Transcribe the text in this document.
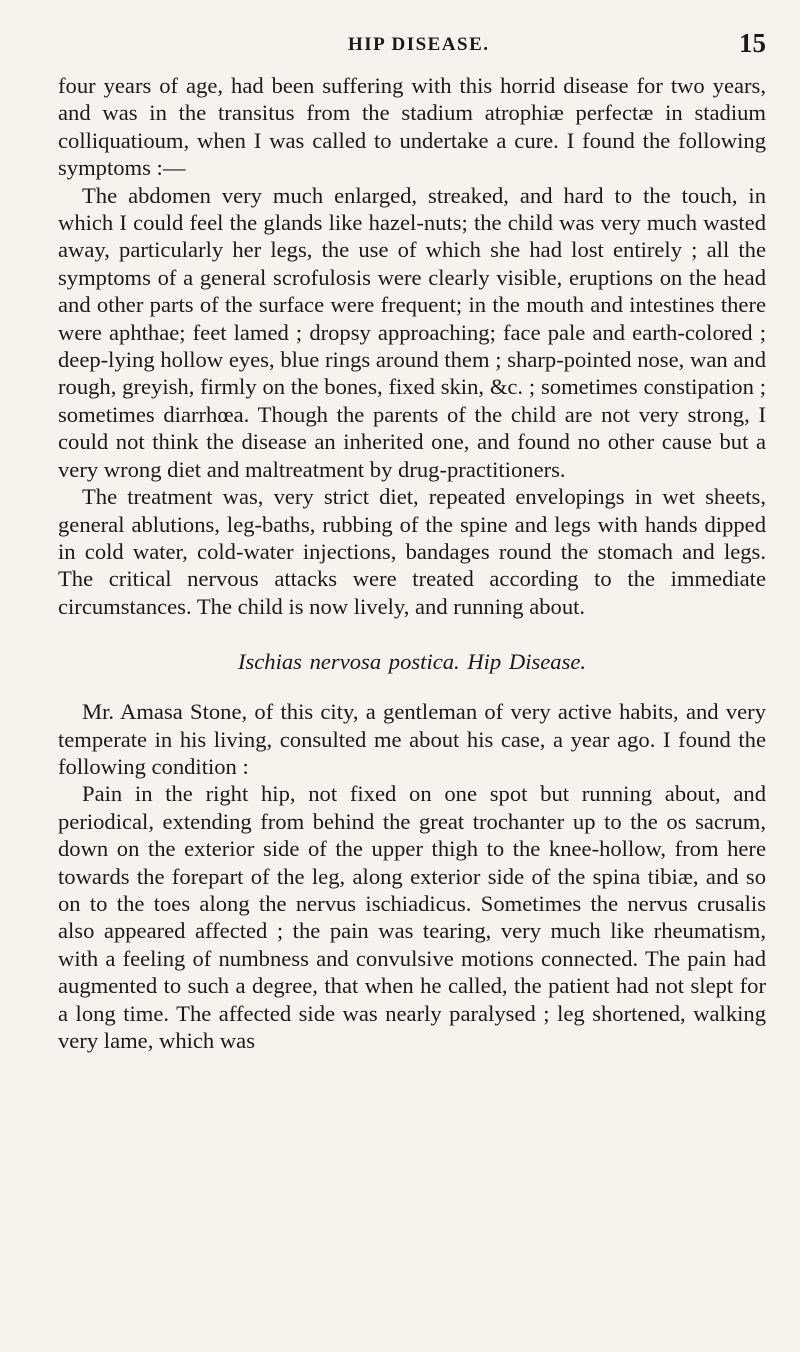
HIP DISEASE.	15

four years of age, had been suffering with this horrid disease for two years, and was in the transitus from the stadium atrophiæ perfectæ in stadium colliquatioum, when I was called to undertake a cure. I found the following symptoms :—

The abdomen very much enlarged, streaked, and hard to the touch, in which I could feel the glands like hazel-nuts; the child was very much wasted away, particularly her legs, the use of which she had lost entirely ; all the symptoms of a general scrofulosis were clearly visible, eruptions on the head and other parts of the surface were frequent; in the mouth and intestines there were aphthae; feet lamed ; dropsy approaching; face pale and earth-colored ; deep-lying hollow eyes, blue rings around them ; sharp-pointed nose, wan and rough, greyish, firmly on the bones, fixed skin, &c. ; sometimes constipation ; sometimes diarrhœa. Though the parents of the child are not very strong, I could not think the disease an inherited one, and found no other cause but a very wrong diet and maltreatment by drug-practitioners.

The treatment was, very strict diet, repeated envelopings in wet sheets, general ablutions, leg-baths, rubbing of the spine and legs with hands dipped in cold water, cold-water injections, bandages round the stomach and legs. The critical nervous attacks were treated according to the immediate circumstances. The child is now lively, and running about.

Ischias nervosa postica. Hip Disease.

Mr. Amasa Stone, of this city, a gentleman of very active habits, and very temperate in his living, consulted me about his case, a year ago. I found the following condition :

Pain in the right hip, not fixed on one spot but running about, and periodical, extending from behind the great trochanter up to the os sacrum, down on the exterior side of the upper thigh to the knee-hollow, from here towards the forepart of the leg, along exterior side of the spina tibiæ, and so on to the toes along the nervus ischiadicus. Sometimes the nervus crusalis also appeared affected ; the pain was tearing, very much like rheumatism, with a feeling of numbness and convulsive motions connected. The pain had augmented to such a degree, that when he called, the patient had not slept for a long time. The affected side was nearly paralysed ; leg shortened, walking very lame, which was
